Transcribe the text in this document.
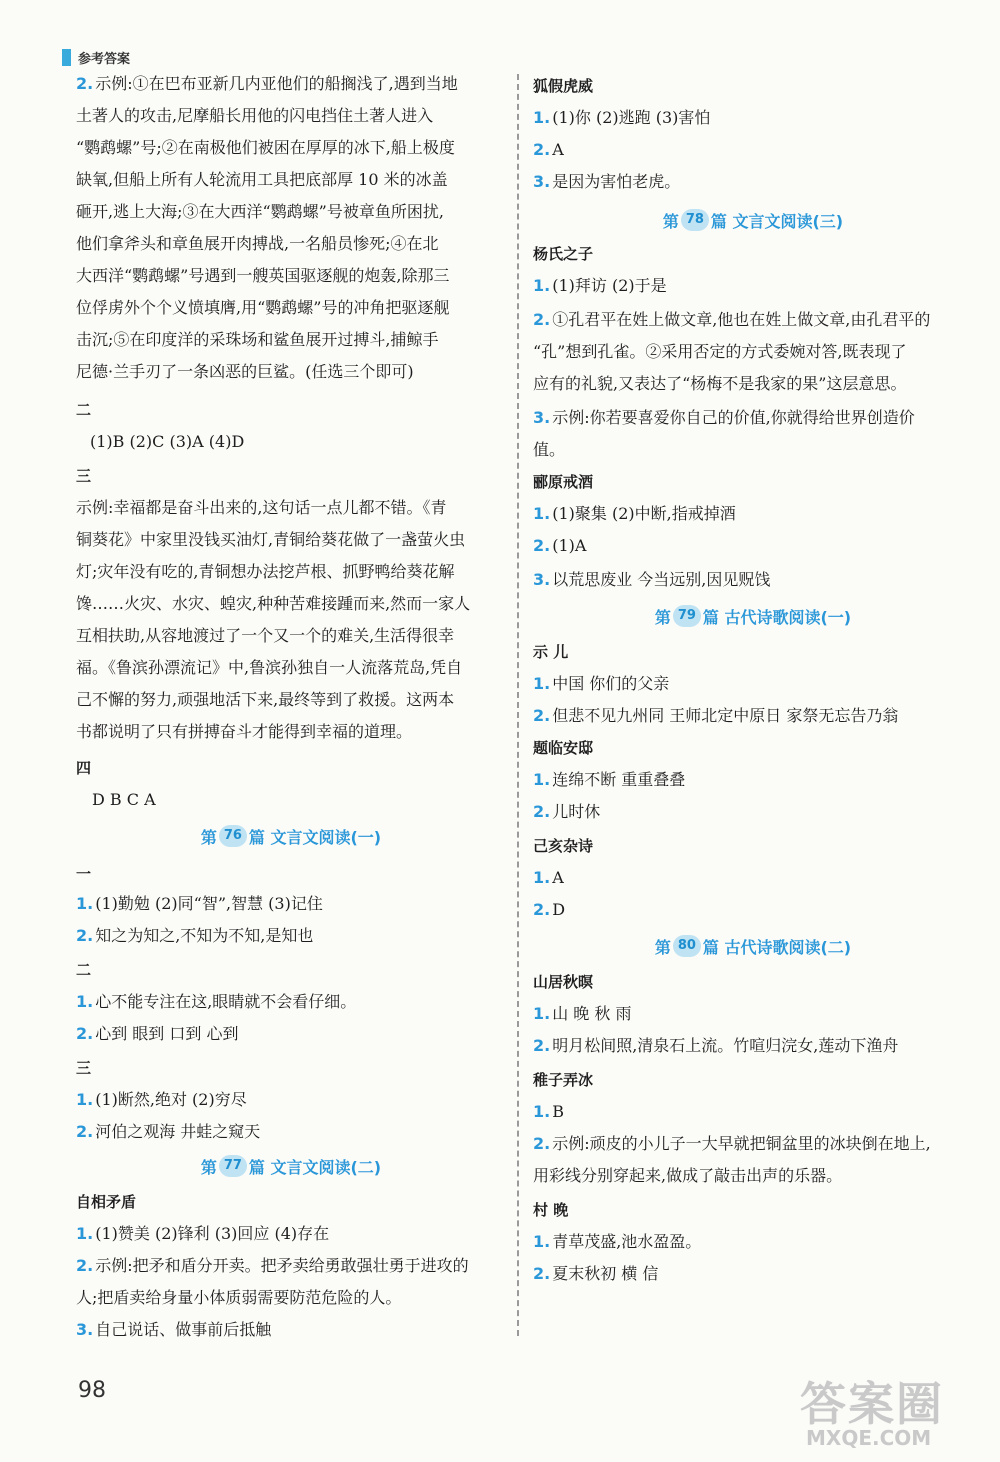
参考答案
2. 示例:①在巴布亚新几内亚他们的船搁浅了,遇到当地
土著人的攻击,尼摩船长用他的闪电挡住土著人进入
“鹦鹉螺”号;②在南极他们被困在厚厚的冰下,船上极度
缺氧,但船上所有人轮流用工具把底部厚 10 米的冰盖
砸开,逃上大海;③在大西洋“鹦鹉螺”号被章鱼所困扰,
他们拿斧头和章鱼展开肉搏战,一名船员惨死;④在北
大西洋“鹦鹉螺”号遇到一艘英国驱逐舰的炮轰,除那三
位俘虏外个个义愤填膺,用“鹦鹉螺”号的冲角把驱逐舰
击沉;⑤在印度洋的采珠场和鲨鱼展开过搏斗,捕鲸手
尼德·兰手刃了一条凶恶的巨鲨。(任选三个即可)
二
(1)B (2)C (3)A (4)D
三
示例:幸福都是奋斗出来的,这句话一点儿都不错。《青
铜葵花》中家里没钱买油灯,青铜给葵花做了一盏萤火虫
灯;灾年没有吃的,青铜想办法挖芦根、抓野鸭给葵花解
馋……火灾、水灾、蝗灾,种种苦难接踵而来,然而一家人
互相扶助,从容地渡过了一个又一个的难关,生活得很幸
福。《鲁滨孙漂流记》中,鲁滨孙独自一人流落荒岛,凭自
己不懈的努力,顽强地活下来,最终等到了救援。这两本
书都说明了只有拼搏奋斗才能得到幸福的道理。
四
D B C A
第 76 篇 文言文阅读(一)
一
1. (1)勤勉 (2)同“智”,智慧 (3)记住
2. 知之为知之,不知为不知,是知也
二
1. 心不能专注在这,眼睛就不会看仔细。
2. 心到 眼到 口到 心到
三
1. (1)断然,绝对 (2)穷尽
2. 河伯之观海 井蛙之窥天
第 77 篇 文言文阅读(二)
自相矛盾
1. (1)赞美 (2)锋利 (3)回应 (4)存在
2. 示例:把矛和盾分开卖。把矛卖给勇敢强壮勇于进攻的
人;把盾卖给身量小体质弱需要防范危险的人。
3. 自己说话、做事前后抵触
狐假虎威
1. (1)你 (2)逃跑 (3)害怕
2. A
3. 是因为害怕老虎。
第 78 篇 文言文阅读(三)
杨氏之子
1. (1)拜访 (2)于是
2. ①孔君平在姓上做文章,他也在姓上做文章,由孔君平的
“孔”想到孔雀。②采用否定的方式委婉对答,既表现了
应有的礼貌,又表达了“杨梅不是我家的果”这层意思。
3. 示例:你若要喜爱你自己的价值,你就得给世界创造价
值。
郦原戒酒
1. (1)聚集 (2)中断,指戒掉酒
2. (1)A
3. 以荒思废业 今当远别,因见贶饯
第 79 篇 古代诗歌阅读(一)
示 儿
1. 中国 你们的父亲
2. 但悲不见九州同 王师北定中原日 家祭无忘告乃翁
题临安邸
1. 连绵不断 重重叠叠
2. 儿时休
己亥杂诗
1. A
2. D
第 80 篇 古代诗歌阅读(二)
山居秋暝
1. 山 晚 秋 雨
2. 明月松间照,清泉石上流。竹喧归浣女,莲动下渔舟
稚子弄冰
1. B
2. 示例:顽皮的小儿子一大早就把铜盆里的冰块倒在地上,
用彩线分别穿起来,做成了敲击出声的乐器。
村 晚
1. 青草茂盛,池水盈盈。
2. 夏末秋初 横 信
98	答案圈
MXQE.COM
